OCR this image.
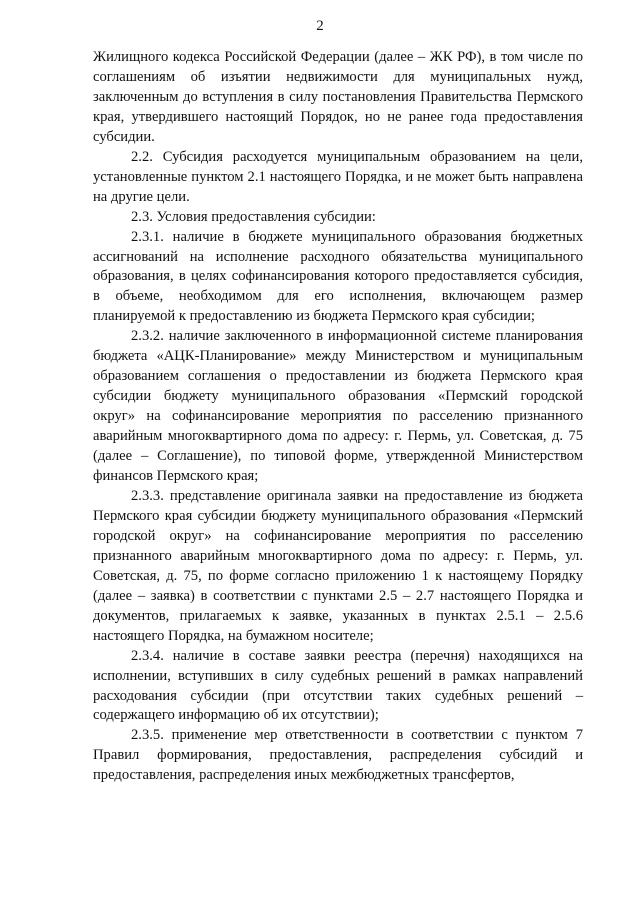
2

Жилищного кодекса Российской Федерации (далее – ЖК РФ), в том числе по соглашениям об изъятии недвижимости для муниципальных нужд, заключенным до вступления в силу постановления Правительства Пермского края, утвердившего настоящий Порядок, но не ранее года предоставления субсидии.

2.2. Субсидия расходуется муниципальным образованием на цели, установленные пунктом 2.1 настоящего Порядка, и не может быть направлена на другие цели.

2.3. Условия предоставления субсидии:

2.3.1. наличие в бюджете муниципального образования бюджетных ассигнований на исполнение расходного обязательства муниципального образования, в целях софинансирования которого предоставляется субсидия, в объеме, необходимом для его исполнения, включающем размер планируемой к предоставлению из бюджета Пермского края субсидии;

2.3.2. наличие заключенного в информационной системе планирования бюджета «АЦК-Планирование» между Министерством и муниципальным образованием соглашения о предоставлении из бюджета Пермского края субсидии бюджету муниципального образования «Пермский городской округ» на софинансирование мероприятия по расселению признанного аварийным многоквартирного дома по адресу: г. Пермь, ул. Советская, д. 75 (далее – Соглашение), по типовой форме, утвержденной Министерством финансов Пермского края;

2.3.3. представление оригинала заявки на предоставление из бюджета Пермского края субсидии бюджету муниципального образования «Пермский городской округ» на софинансирование мероприятия по расселению признанного аварийным многоквартирного дома по адресу: г. Пермь, ул. Советская, д. 75, по форме согласно приложению 1 к настоящему Порядку (далее – заявка) в соответствии с пунктами 2.5 – 2.7 настоящего Порядка и документов, прилагаемых к заявке, указанных в пунктах 2.5.1 – 2.5.6 настоящего Порядка, на бумажном носителе;

2.3.4. наличие в составе заявки реестра (перечня) находящихся на исполнении, вступивших в силу судебных решений в рамках направлений расходования субсидии (при отсутствии таких судебных решений – содержащего информацию об их отсутствии);

2.3.5. применение мер ответственности в соответствии с пунктом 7 Правил формирования, предоставления, распределения субсидий и предоставления, распределения иных межбюджетных трансфертов,
